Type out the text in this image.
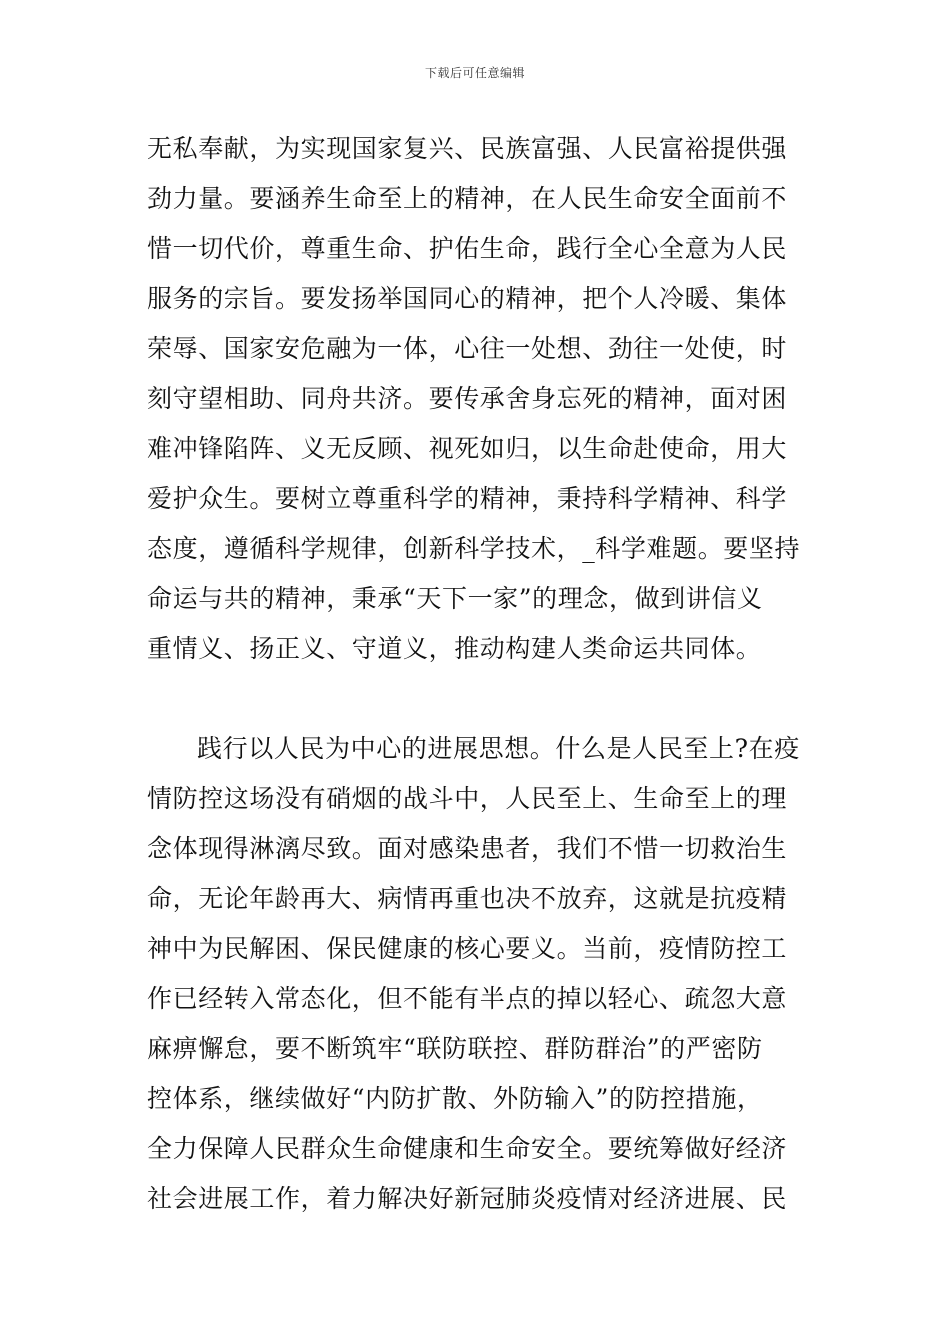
下载后可任意编辑
无私奉献，为实现国家复兴、民族富强、人民富裕提供强
劲力量。要涵养生命至上的精神，在人民生命安全面前不
惜一切代价，尊重生命、护佑生命，践行全心全意为人民
服务的宗旨。要发扬举国同心的精神，把个人冷暖、集体
荣辱、国家安危融为一体，心往一处想、劲往一处使，时
刻守望相助、同舟共济。要传承舍身忘死的精神，面对困
难冲锋陷阵、义无反顾、视死如归，以生命赴使命，用大
爱护众生。要树立尊重科学的精神，秉持科学精神、科学
态度，遵循科学规律，创新科学技术，_科学难题。要坚持
命运与共的精神，秉承“天下一家”的理念，做到讲信义
重情义、扬正义、守道义，推动构建人类命运共同体。
践行以人民为中心的进展思想。什么是人民至上?在疫
情防控这场没有硝烟的战斗中，人民至上、生命至上的理
念体现得淋漓尽致。面对感染患者，我们不惜一切救治生
命，无论年龄再大、病情再重也决不放弃，这就是抗疫精
神中为民解困、保民健康的核心要义。当前，疫情防控工
作已经转入常态化，但不能有半点的掉以轻心、疏忽大意
麻痹懈怠，要不断筑牢“联防联控、群防群治”的严密防
控体系，继续做好“内防扩散、外防输入”的防控措施，
全力保障人民群众生命健康和生命安全。要统筹做好经济
社会进展工作，着力解决好新冠肺炎疫情对经济进展、民
